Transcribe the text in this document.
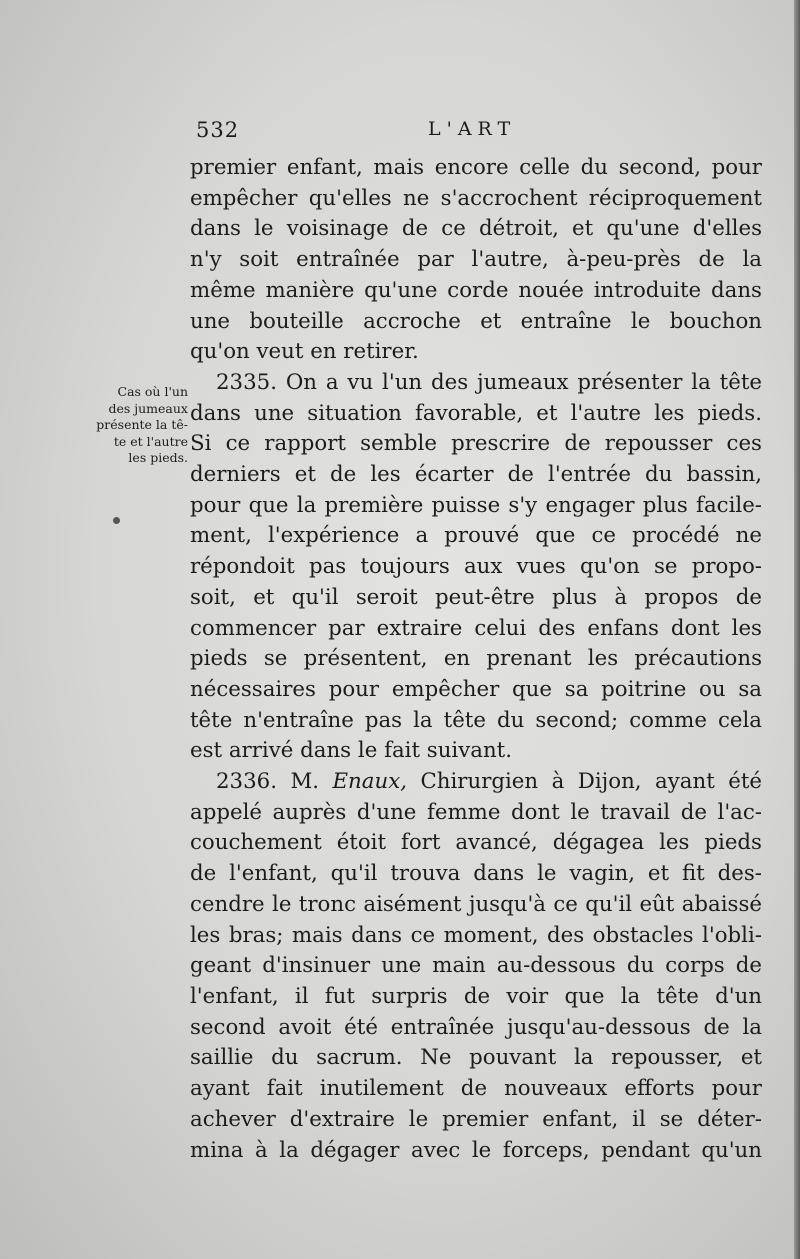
532	L'ART
Cas où l'un
des jumeaux
présente la tê-
te et l'autre
les pieds.
premier enfant, mais encore celle du second, pour
empêcher qu'elles ne s'accrochent réciproquement
dans le voisinage de ce détroit, et qu'une d'elles
n'y soit entraînée par l'autre, à-peu-près de la
même manière qu'une corde nouée introduite dans
une bouteille accroche et entraîne le bouchon
qu'on veut en retirer.
2335. On a vu l'un des jumeaux présenter la tête
dans une situation favorable, et l'autre les pieds.
Si ce rapport semble prescrire de repousser ces
derniers et de les écarter de l'entrée du bassin,
pour que la première puisse s'y engager plus facile-
ment, l'expérience a prouvé que ce procédé ne
répondoit pas toujours aux vues qu'on se propo-
soit, et qu'il seroit peut-être plus à propos de
commencer par extraire celui des enfans dont les
pieds se présentent, en prenant les précautions
nécessaires pour empêcher que sa poitrine ou sa
tête n'entraîne pas la tête du second; comme cela
est arrivé dans le fait suivant.
2336. M. Enaux, Chirurgien à Dijon, ayant été
appelé auprès d'une femme dont le travail de l'ac-
couchement étoit fort avancé, dégagea les pieds
de l'enfant, qu'il trouva dans le vagin, et fit des-
cendre le tronc aisément jusqu'à ce qu'il eût abaissé
les bras; mais dans ce moment, des obstacles l'obli-
geant d'insinuer une main au-dessous du corps de
l'enfant, il fut surpris de voir que la tête d'un
second avoit été entraînée jusqu'au-dessous de la
saillie du sacrum. Ne pouvant la repousser, et
ayant fait inutilement de nouveaux efforts pour
achever d'extraire le premier enfant, il se déter-
mina à la dégager avec le forceps, pendant qu'un
